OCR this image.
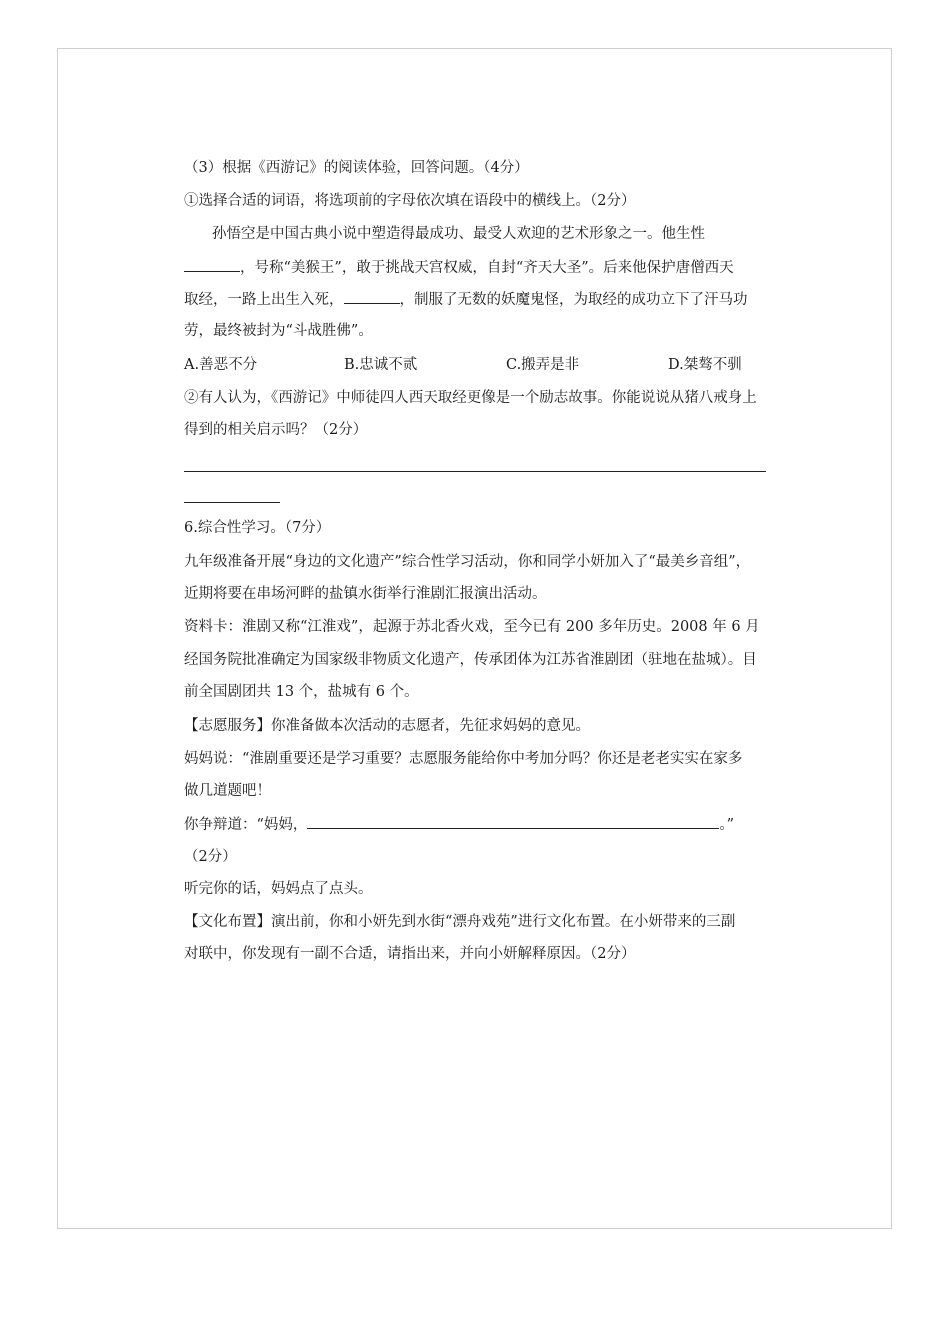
（3）根据《西游记》的阅读体验，回答问题。（4分）
①选择合适的词语，将选项前的字母依次填在语段中的横线上。（2分）
孙悟空是中国古典小说中塑造得最成功、最受人欢迎的艺术形象之一。他生性
，号称“美猴王”，敢于挑战天宫权威，自封“齐天大圣”。后来他保护唐僧西天
取经，一路上出生入死，	，制服了无数的妖魔鬼怪，为取经的成功立下了汗马功
劳，最终被封为“斗战胜佛”。
A.善恶不分	B.忠诚不贰	C.搬弄是非	D.桀骜不驯
②有人认为，《西游记》中师徒四人西天取经更像是一个励志故事。你能说说从猪八戒身上
得到的相关启示吗？（2分）
6.综合性学习。（7分）
九年级准备开展“身边的文化遗产”综合性学习活动，你和同学小妍加入了“最美乡音组”，
近期将要在串场河畔的盐镇水街举行淮剧汇报演出活动。
资料卡：淮剧又称“江淮戏”，起源于苏北香火戏，至今已有 200 多年历史。2008 年 6 月
经国务院批准确定为国家级非物质文化遗产，传承团体为江苏省淮剧团（驻地在盐城）。目
前全国剧团共 13 个，盐城有 6 个。
【志愿服务】你准备做本次活动的志愿者，先征求妈妈的意见。
妈妈说：“淮剧重要还是学习重要？志愿服务能给你中考加分吗？你还是老老实实在家多
做几道题吧！
你争辩道：“妈妈，	。”
（2分）
听完你的话，妈妈点了点头。
【文化布置】演出前，你和小妍先到水街“漂舟戏苑”进行文化布置。在小妍带来的三副
对联中，你发现有一副不合适，请指出来，并向小妍解释原因。（2分）
